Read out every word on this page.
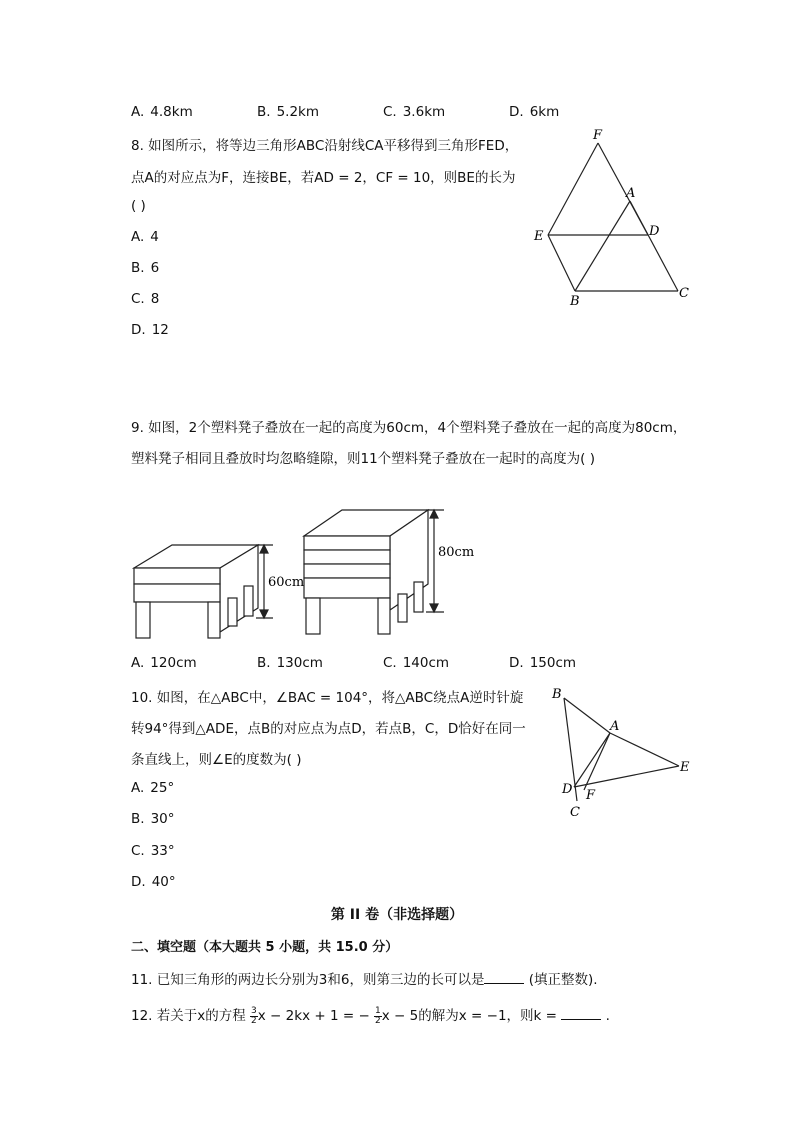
A. 4.8km	B. 5.2km	C. 3.6km	D. 6km
8. 如图所示，将等边三角形ABC沿射线CA平移得到三角形FED，
点A的对应点为F，连接BE，若AD = 2，CF = 10，则BE的长为
( )
A. 4
B. 6
C. 8
D. 12
F
A
E	D
B
C
9. 如图，2个塑料凳子叠放在一起的高度为60cm，4个塑料凳子叠放在一起的高度为80cm，
塑料凳子相同且叠放时均忽略缝隙，则11个塑料凳子叠放在一起时的高度为( )
60cm
80cm
A. 120cm	B. 130cm	C. 140cm	D. 150cm
10. 如图，在△ABC中，∠BAC = 104°，将△ABC绕点A逆时针旋
转94°得到△ADE，点B的对应点为点D，若点B，C，D恰好在同一
条直线上，则∠E的度数为( )
A. 25°
B. 30°
C. 33°
D. 40°
B
A
E
D F
C
第 II 卷（非选择题）
二、填空题（本大题共 5 小题，共 15.0 分）
11. 已知三角形的两边长分别为3和6，则第三边的长可以是	(填正整数).
12. 若关于x的方程 $\frac{3}{2}$ x − 2kx + 1 = − $\frac{1}{2}$ x − 5的解为x = −1，则k =	.
